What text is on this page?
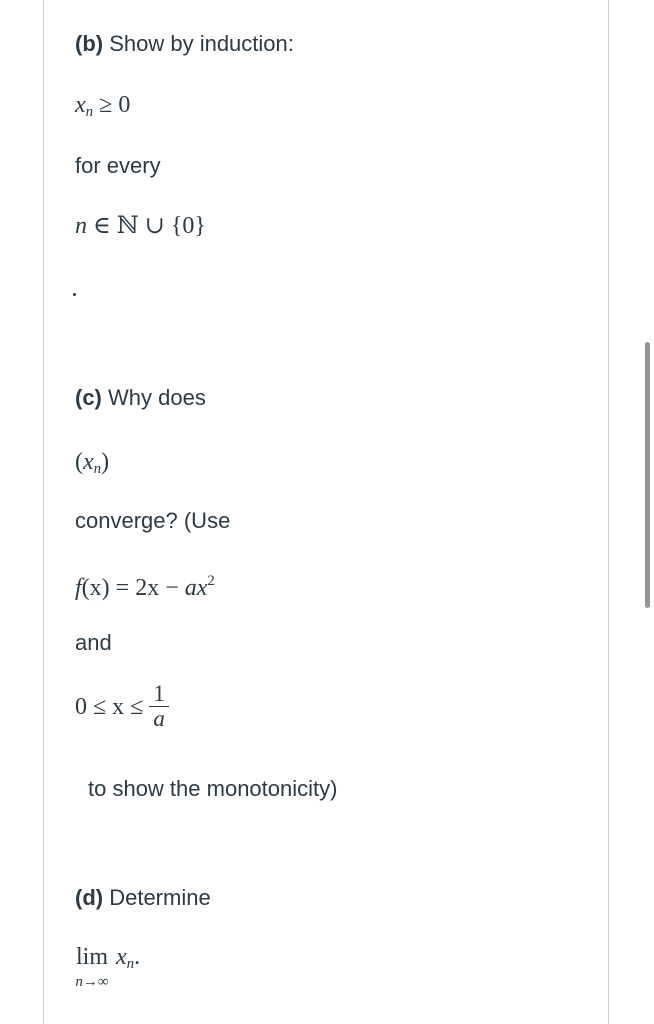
(b) Show by induction:

$x_n \ge 0$

for every

n ∈ ℕ ∪ {0}

(c) Why does

$(x_n)$

converge? (Use

$f(x) = 2x - ax^2$

and

$0 \le x \le \frac{1}{a}$

to show the monotonicity)

(d) Determine

lim
n→∞
$x_n$.
